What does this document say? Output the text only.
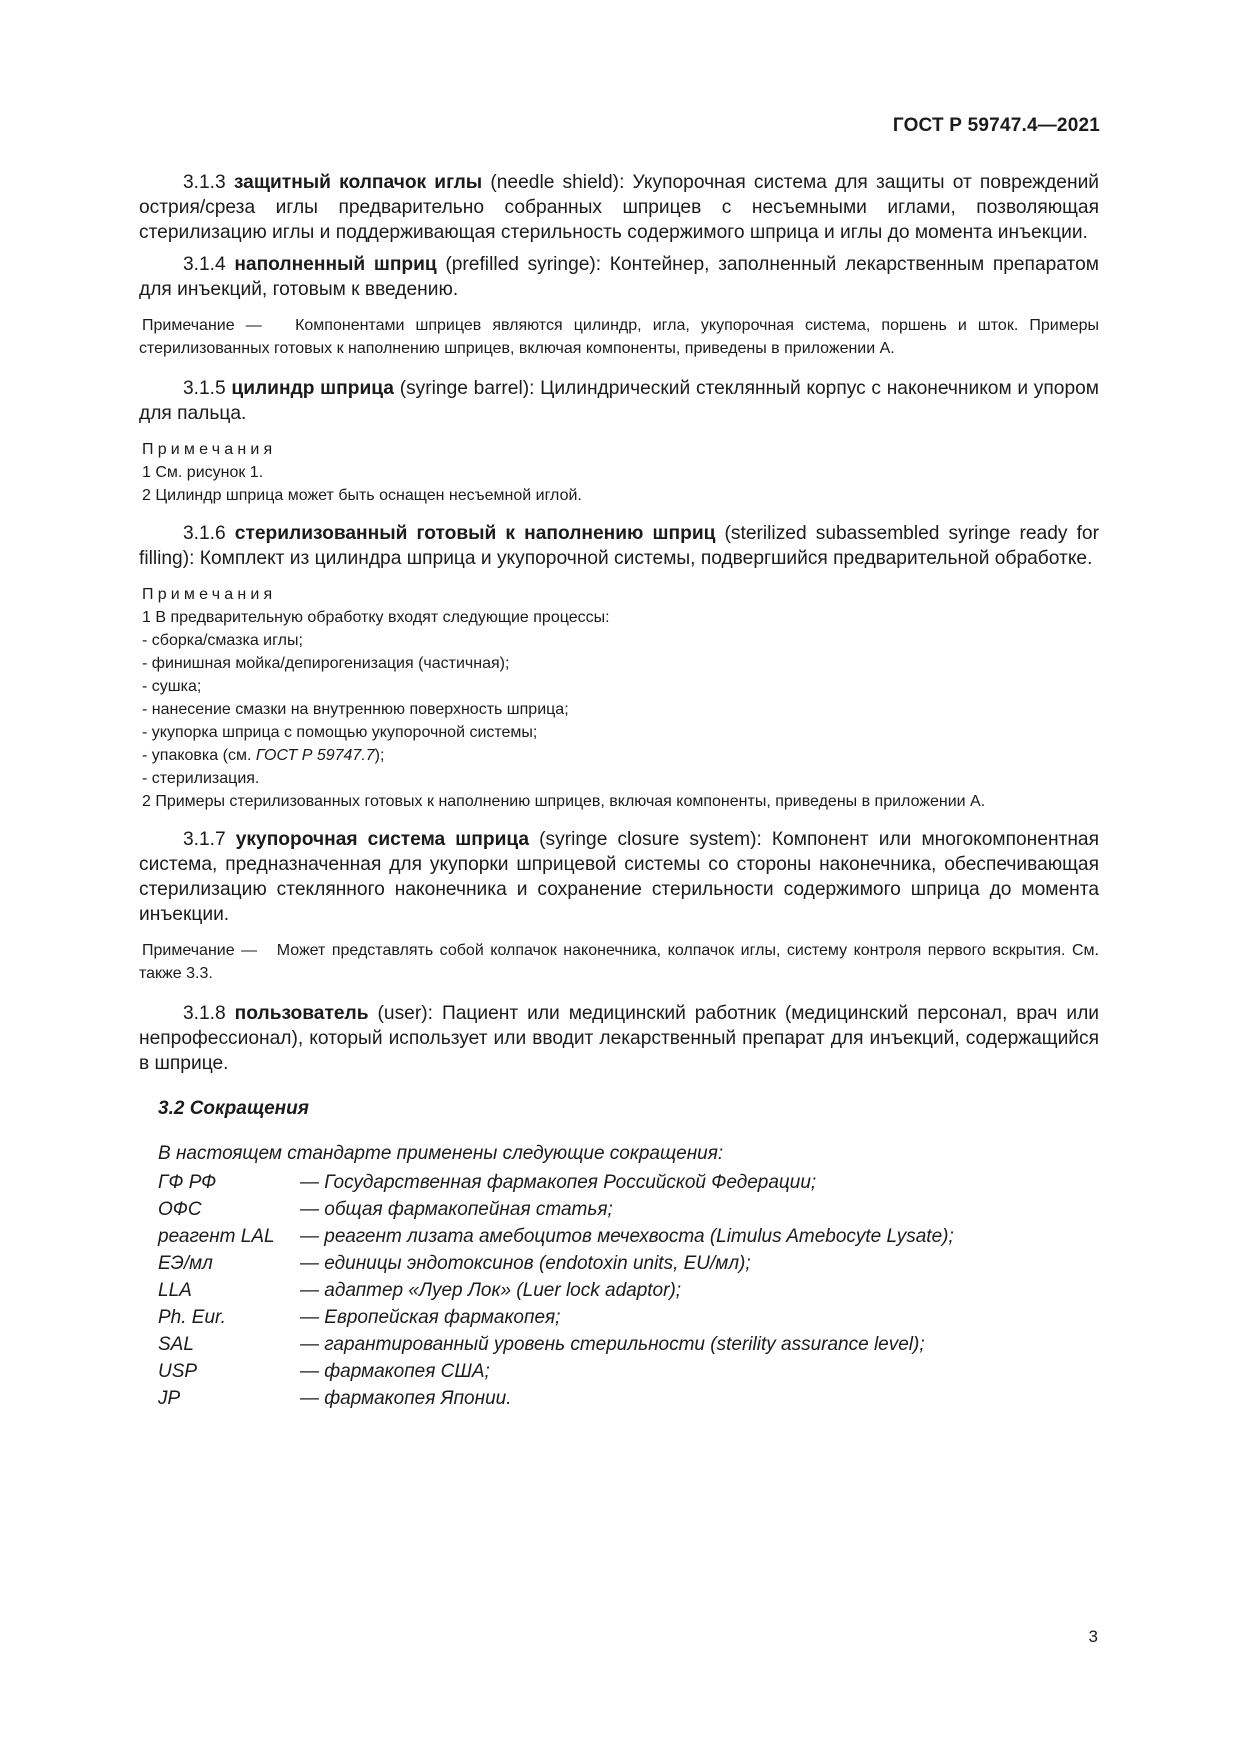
ГОСТ Р 59747.4—2021

3.1.3 защитный колпачок иглы (needle shield): Укупорочная система для защиты от повреждений острия/среза иглы предварительно собранных шприцев с несъемными иглами, позволяющая стерилизацию иглы и поддерживающая стерильность содержимого шприца и иглы до момента инъекции.

3.1.4 наполненный шприц (prefilled syringe): Контейнер, заполненный лекарственным препаратом для инъекций, готовым к введению.

Примечание — Компонентами шприцев являются цилиндр, игла, укупорочная система, поршень и шток. Примеры стерилизованных готовых к наполнению шприцев, включая компоненты, приведены в приложении А.

3.1.5 цилиндр шприца (syringe barrel): Цилиндрический стеклянный корпус с наконечником и упором для пальца.

Примечания
1 См. рисунок 1.
2 Цилиндр шприца может быть оснащен несъемной иглой.

3.1.6 стерилизованный готовый к наполнению шприц (sterilized subassembled syringe ready for filling): Комплект из цилиндра шприца и укупорочной системы, подвергшийся предварительной обработке.

Примечания
1 В предварительную обработку входят следующие процессы:
- сборка/смазка иглы;
- финишная мойка/депирогенизация (частичная);
- сушка;
- нанесение смазки на внутреннюю поверхность шприца;
- укупорка шприца с помощью укупорочной системы;
- упаковка (см. ГОСТ Р 59747.7);
- стерилизация.
2 Примеры стерилизованных готовых к наполнению шприцев, включая компоненты, приведены в приложении А.

3.1.7 укупорочная система шприца (syringe closure system): Компонент или многокомпонентная система, предназначенная для укупорки шприцевой системы со стороны наконечника, обеспечивающая стерилизацию стеклянного наконечника и сохранение стерильности содержимого шприца до момента инъекции.

Примечание — Может представлять собой колпачок наконечника, колпачок иглы, систему контроля первого вскрытия. См. также 3.3.

3.1.8 пользователь (user): Пациент или медицинский работник (медицинский персонал, врач или непрофессионал), который использует или вводит лекарственный препарат для инъекций, содержащийся в шприце.

3.2 Сокращения
В настоящем стандарте применены следующие сокращения:
ГФ РФ	— Государственная фармакопея Российской Федерации;
ОФС	— общая фармакопейная статья;
реагент LAL	— реагент лизата амебоцитов мечехвоста (Limulus Amebocyte Lysate);
ЕЭ/мл	— единицы эндотоксинов (endotoxin units, EU/мл);
LLA	— адаптер «Луер Лок» (Luer lock adaptor);
Ph. Eur.	— Европейская фармакопея;
SAL	— гарантированный уровень стерильности (sterility assurance level);
USP	— фармакопея США;
JP	— фармакопея Японии.
3
